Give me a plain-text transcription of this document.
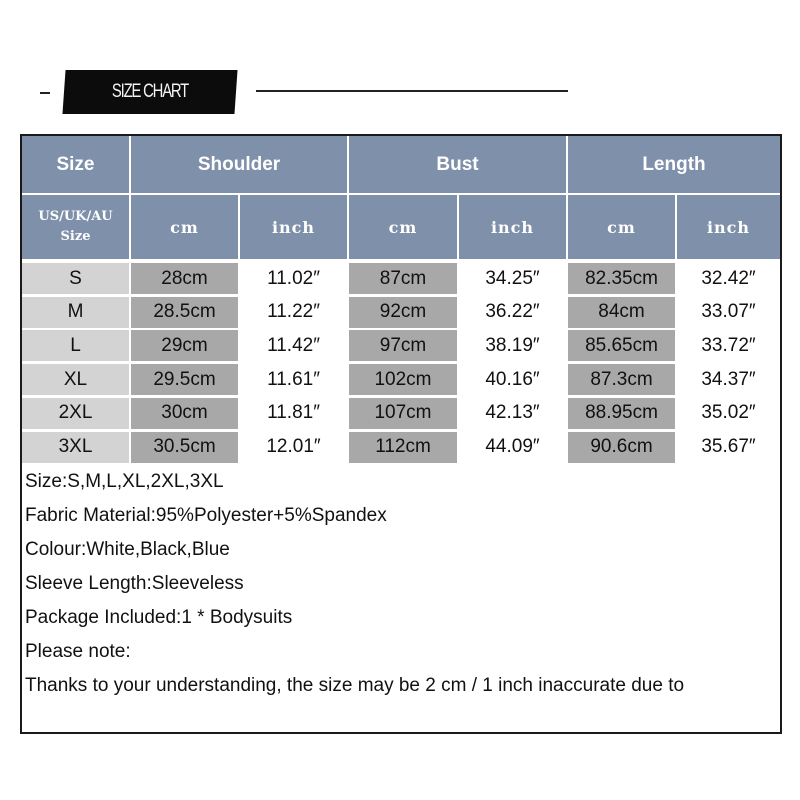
SIZE CHART
Size	Shoulder	Bust	Length
US/UK/AU
Size	cm	inch	cm	inch	cm	inch
S	28cm	11.02″	87cm	34.25″	82.35cm	32.42″
M	28.5cm	11.22″	92cm	36.22″	84cm	33.07″
L	29cm	11.42″	97cm	38.19″	85.65cm	33.72″
XL	29.5cm	11.61″	102cm	40.16″	87.3cm	34.37″
2XL	30cm	11.81″	107cm	42.13″	88.95cm	35.02″
3XL	30.5cm	12.01″	112cm	44.09″	90.6cm	35.67″
Size:S,M,L,XL,2XL,3XL
Fabric Material:95%Polyester+5%Spandex
Colour:White,Black,Blue
Sleeve Length:Sleeveless
Package Included:1 * Bodysuits
Please note:
Thanks to your understanding, the size may be 2 cm / 1 inch inaccurate due to
